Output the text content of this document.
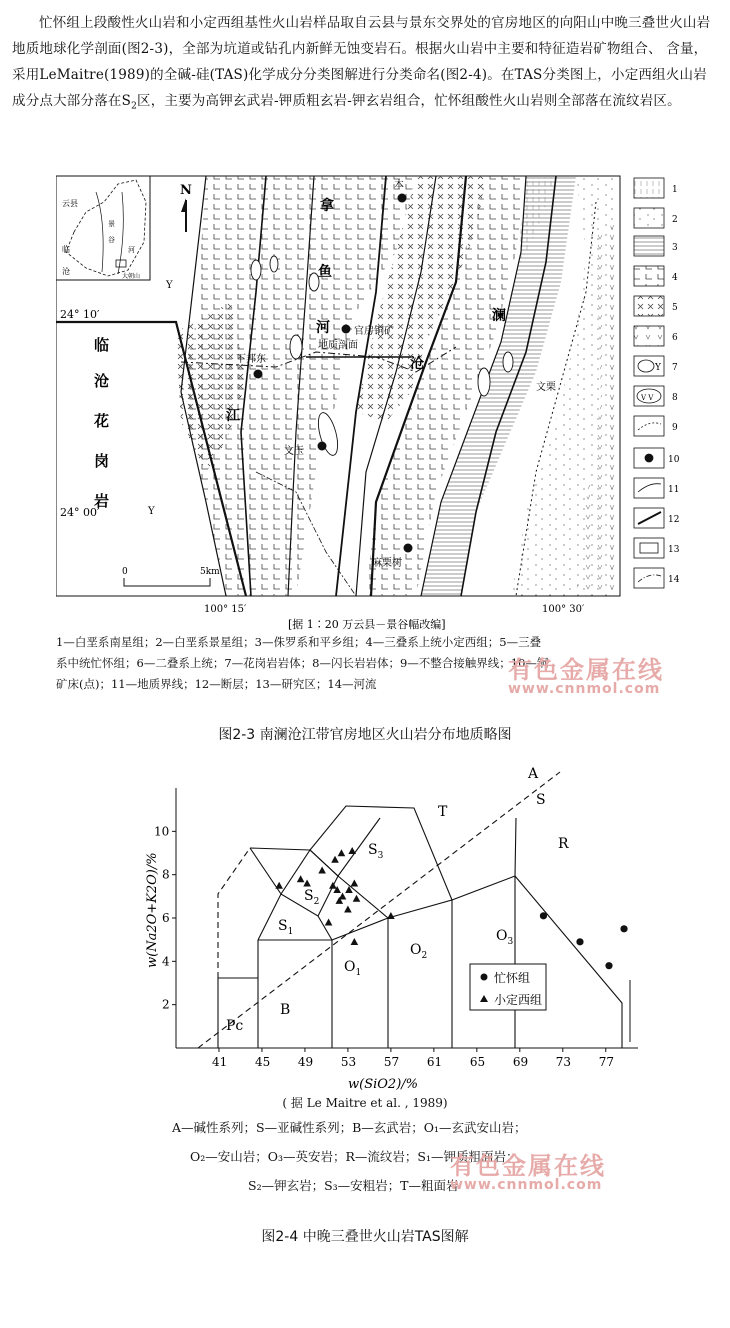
忙怀组上段酸性火山岩和小定西组基性火山岩样品取自云县与景东交界处的官房地区的向阳山中晚三叠世火山岩地质地球化学剖面(图2-3)，全部为坑道或钻孔内新鲜无蚀变岩石。根据火山岩中主要和特征造岩矿物组合、 含量，采用LeMaitre(1989)的全碱-硅(TAS)化学成分分类图解进行分类命名(图2-4)。在TAS分类图上，小定西组火山岩成分点大部分落在$S_2$区，主要为高钾玄武岩-钾质粗玄岩-钾玄岩组合，忙怀组酸性火山岩则全部落在流纹岩区。
云县
临
沧
景
谷
河
大朝山
N
24° 10′
24° 00′
临
沧
花
岗
岩
Y
Y
拿
鱼
河
沧
江
澜
本
官房铜矿
地质剖面
下邦东
文玉
文栗
麻栗树
0	5km
100° 15′	100° 30′
Y
V V
1
2
3
4
5
6
7
8
9
10
11
12
13
14
[据 1∶20 万云县－景谷幅改编]
1—白垩系南星组；2—白垩系景星组；3—侏罗系和平乡组；4—三叠系上统小定西组；5—三叠
系中统忙怀组；6—二叠系上统；7—花岗岩岩体；8—闪长岩岩体；9—不整合接触界线；10—铜
矿床(点)；11—地质界线；12—断层；13—研究区；14—河流
图2-3 南澜沧江带官房地区火山岩分布地质略图
41 45 49 53 57 61 65 69 73 77
2
4
6
8
10
Pc
B
$O_1$
$O_2$
$O_3$
R
T
$S_1$
$S_2$
$S_3$
A
S
w(Na2O+K2O)/%
w(SiO2)/%
忙怀组
小定西组
( 据 Le Maitre et al. , 1989)
A—碱性系列；S—亚碱性系列；B—玄武岩；O₁—玄武安山岩；
O₂—安山岩；O₃—英安岩；R—流纹岩；S₁—钾质粗面岩；
S₂—钾玄岩；S₃—安粗岩；T—粗面岩
图2-4 中晚三叠世火山岩TAS图解
有色金属在线
www.cnnmol.com
有色金属在线
www.cnnmol.com
